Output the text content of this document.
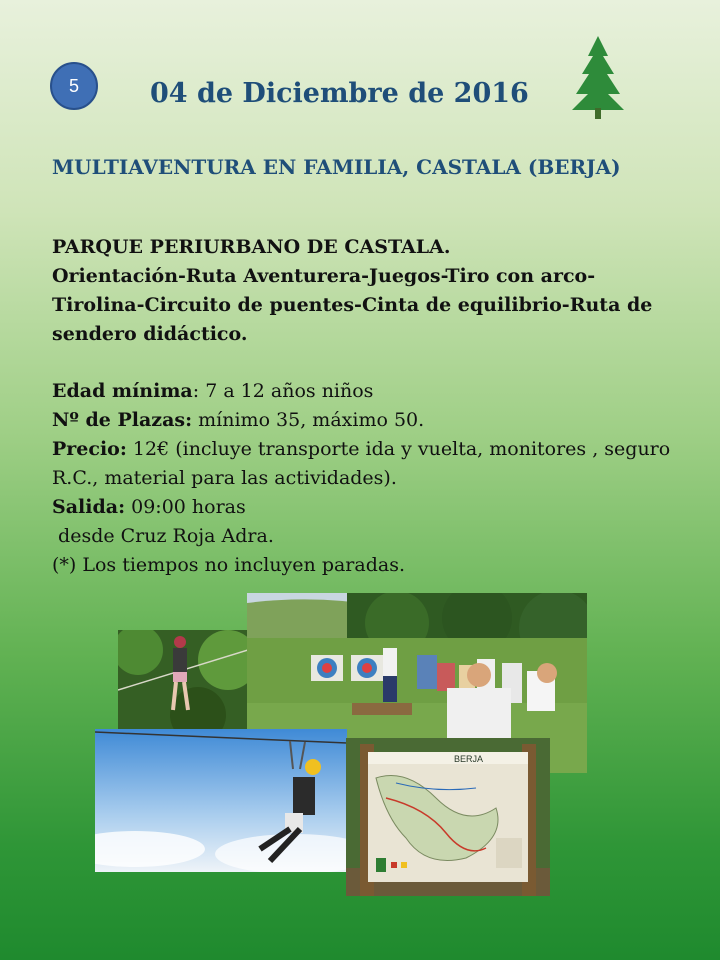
5	04 de Diciembre de 2016
MULTIAVENTURA EN FAMILIA, CASTALA (BERJA)
PARQUE PERIURBANO DE CASTALA.
Orientación-Ruta Aventurera-Juegos-Tiro con arco-Tirolina-Circuito de puentes-Cinta de equilibrio-Ruta de sendero didáctico.
Edad mínima: 7 a 12 años niños
Nº de Plazas: mínimo 35, máximo 50.
Precio: 12€ (incluye transporte ida y vuelta, monitores , seguro R.C., material para las actividades).
Salida: 09:00 horas
desde Cruz Roja Adra.
(*) Los tiempos no incluyen paradas.
BERJA
